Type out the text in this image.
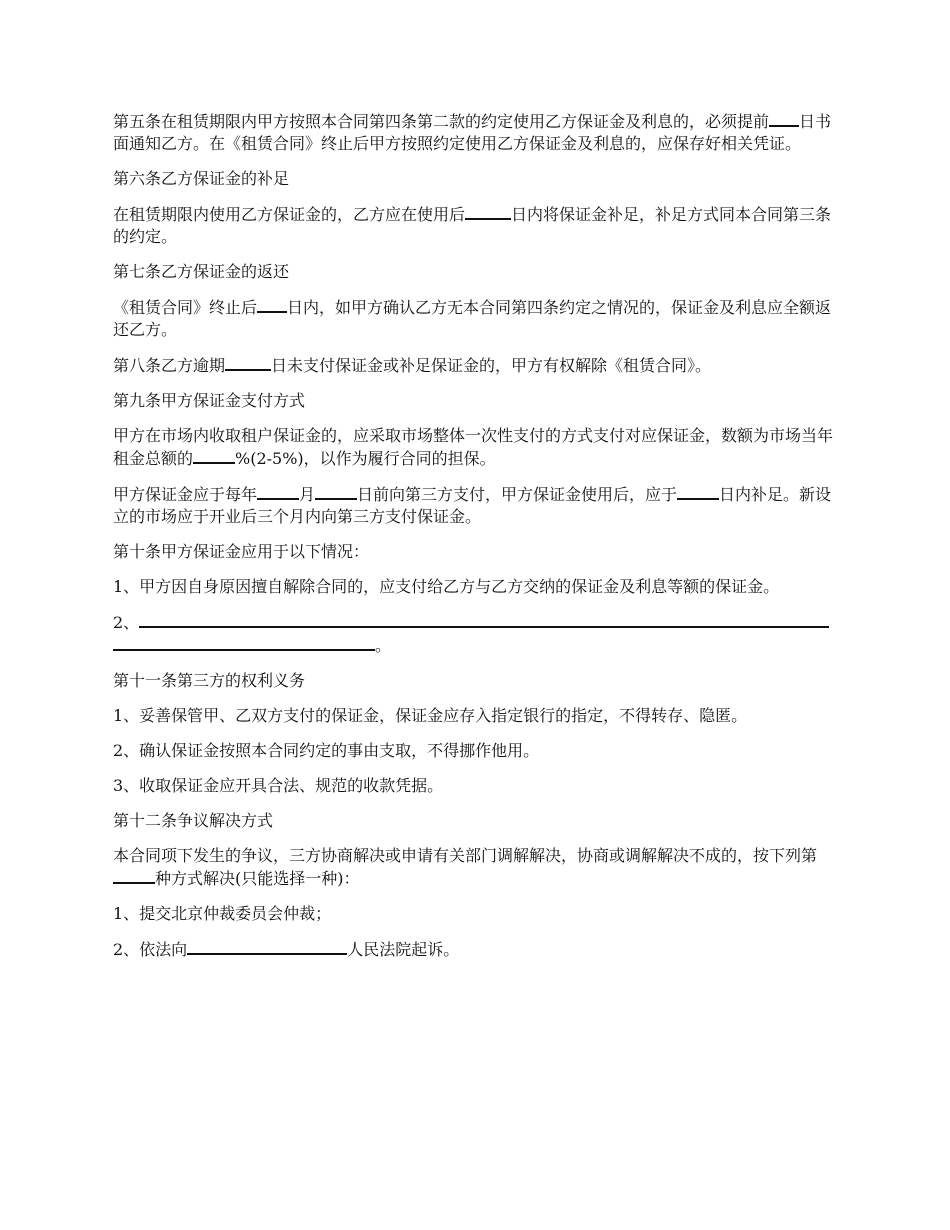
第五条在租赁期限内甲方按照本合同第四条第二款的约定使用乙方保证金及利息的，必须提前 日书面通知乙方。在《租赁合同》终止后甲方按照约定使用乙方保证金及利息的，应保存好相关凭证。

第六条乙方保证金的补足

在租赁期限内使用乙方保证金的，乙方应在使用后	日内将保证金补足，补足方式同本合同第三条的约定。

第七条乙方保证金的返还

《租赁合同》终止后 日内，如甲方确认乙方无本合同第四条约定之情况的，保证金及利息应全额返还乙方。

第八条乙方逾期	日未支付保证金或补足保证金的，甲方有权解除《租赁合同》。

第九条甲方保证金支付方式

甲方在市场内收取租户保证金的，应采取市场整体一次性支付的方式支付对应保证金，数额为市场当年租金总额的	%(2-5%)，以作为履行合同的担保。

甲方保证金应于每年	月	日前向第三方支付，甲方保证金使用后，应于	日内补足。新设立的市场应于开业后三个月内向第三方支付保证金。

第十条甲方保证金应用于以下情况：

1、甲方因自身原因擅自解除合同的，应支付给乙方与乙方交纳的保证金及利息等额的保证金。

2、。

第十一条第三方的权利义务

1、妥善保管甲、乙双方支付的保证金，保证金应存入指定银行的指定，不得转存、隐匿。

2、确认保证金按照本合同约定的事由支取，不得挪作他用。

3、收取保证金应开具合法、规范的收款凭据。

第十二条争议解决方式

本合同项下发生的争议，三方协商解决或申请有关部门调解解决，协商或调解解决不成的，按下列第种方式解决(只能选择一种)：

1、提交北京仲裁委员会仲裁；

2、依法向	人民法院起诉。
